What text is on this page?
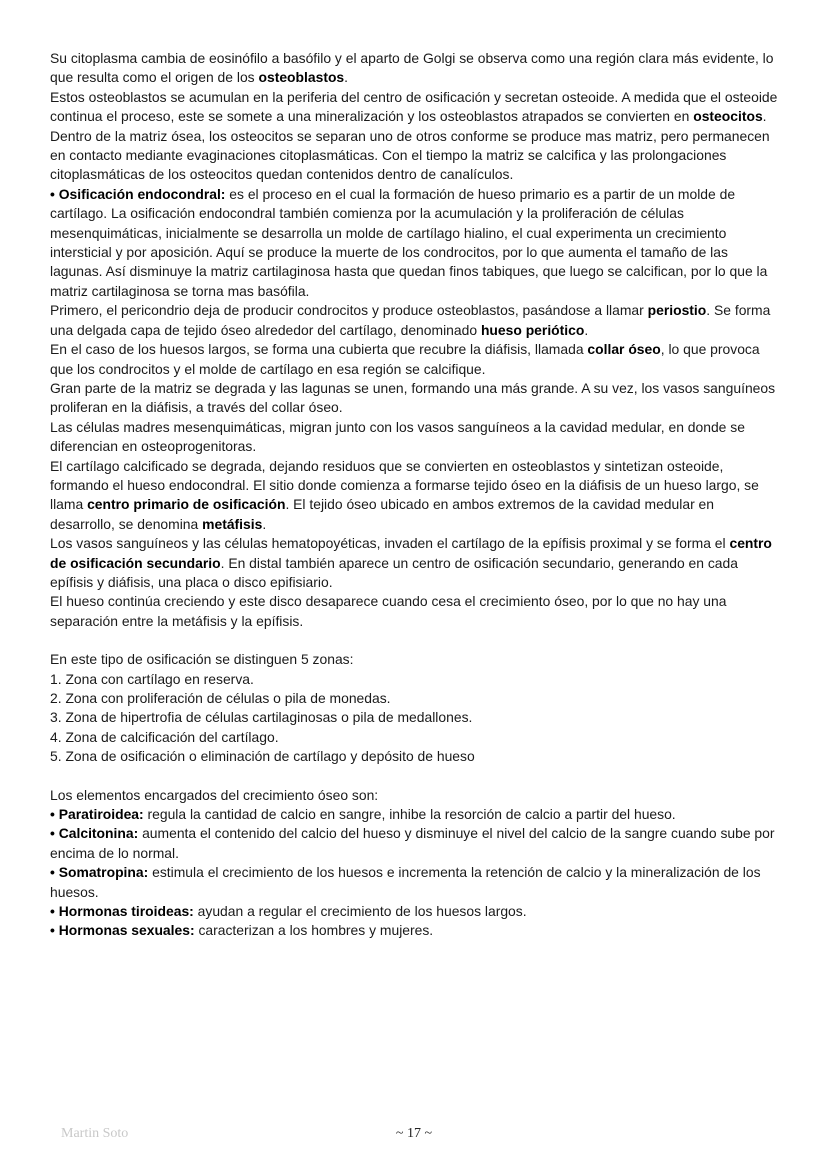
Su citoplasma cambia de eosinófilo a basófilo y el aparto de Golgi se observa como una región clara más evidente, lo que resulta como el origen de los osteoblastos.

Estos osteoblastos se acumulan en la periferia del centro de osificación y secretan osteoide. A medida que el osteoide continua el proceso, este se somete a una mineralización y los osteoblastos atrapados se convierten en osteocitos.

Dentro de la matriz ósea, los osteocitos se separan uno de otros conforme se produce mas matriz, pero permanecen en contacto mediante evaginaciones citoplasmáticas. Con el tiempo la matriz se calcifica y las prolongaciones citoplasmáticas de los osteocitos quedan contenidos dentro de canalículos.

• Osificación endocondral: es el proceso en el cual la formación de hueso primario es a partir de un molde de cartílago. La osificación endocondral también comienza por la acumulación y la proliferación de células mesenquimáticas, inicialmente se desarrolla un molde de cartílago hialino, el cual experimenta un crecimiento intersticial y por aposición. Aquí se produce la muerte de los condrocitos, por lo que aumenta el tamaño de las lagunas. Así disminuye la matriz cartilaginosa hasta que quedan finos tabiques, que luego se calcifican, por lo que la matriz cartilaginosa se torna mas basófila.

Primero, el pericondrio deja de producir condrocitos y produce osteoblastos, pasándose a llamar periostio. Se forma una delgada capa de tejido óseo alrededor del cartílago, denominado hueso periótico.

En el caso de los huesos largos, se forma una cubierta que recubre la diáfisis, llamada collar óseo, lo que provoca que los condrocitos y el molde de cartílago en esa región se calcifique.

Gran parte de la matriz se degrada y las lagunas se unen, formando una más grande. A su vez, los vasos sanguíneos proliferan en la diáfisis, a través del collar óseo.

Las células madres mesenquimáticas, migran junto con los vasos sanguíneos a la cavidad medular, en donde se diferencian en osteoprogenitoras.

El cartílago calcificado se degrada, dejando residuos que se convierten en osteoblastos y sintetizan osteoide, formando el hueso endocondral. El sitio donde comienza a formarse tejido óseo en la diáfisis de un hueso largo, se llama centro primario de osificación. El tejido óseo ubicado en ambos extremos de la cavidad medular en desarrollo, se denomina metáfisis.

Los vasos sanguíneos y las células hematopoyéticas, invaden el cartílago de la epífisis proximal y se forma el centro de osificación secundario. En distal también aparece un centro de osificación secundario, generando en cada epífisis y diáfisis, una placa o disco epifisiario.

El hueso continúa creciendo y este disco desaparece cuando cesa el crecimiento óseo, por lo que no hay una separación entre la metáfisis y la epífisis.

En este tipo de osificación se distinguen 5 zonas:

1. Zona con cartílago en reserva.

2. Zona con proliferación de células o pila de monedas.

3. Zona de hipertrofia de células cartilaginosas o pila de medallones.

4. Zona de calcificación del cartílago.

5. Zona de osificación o eliminación de cartílago y depósito de hueso

Los elementos encargados del crecimiento óseo son:

• Paratiroidea: regula la cantidad de calcio en sangre, inhibe la resorción de calcio a partir del hueso.

• Calcitonina: aumenta el contenido del calcio del hueso y disminuye el nivel del calcio de la sangre cuando sube por encima de lo normal.

• Somatropina: estimula el crecimiento de los huesos e incrementa la retención de calcio y la mineralización de los huesos.

• Hormonas tiroideas: ayudan a regular el crecimiento de los huesos largos.

• Hormonas sexuales: caracterizan a los hombres y mujeres.

Martin Soto	~ 17 ~
